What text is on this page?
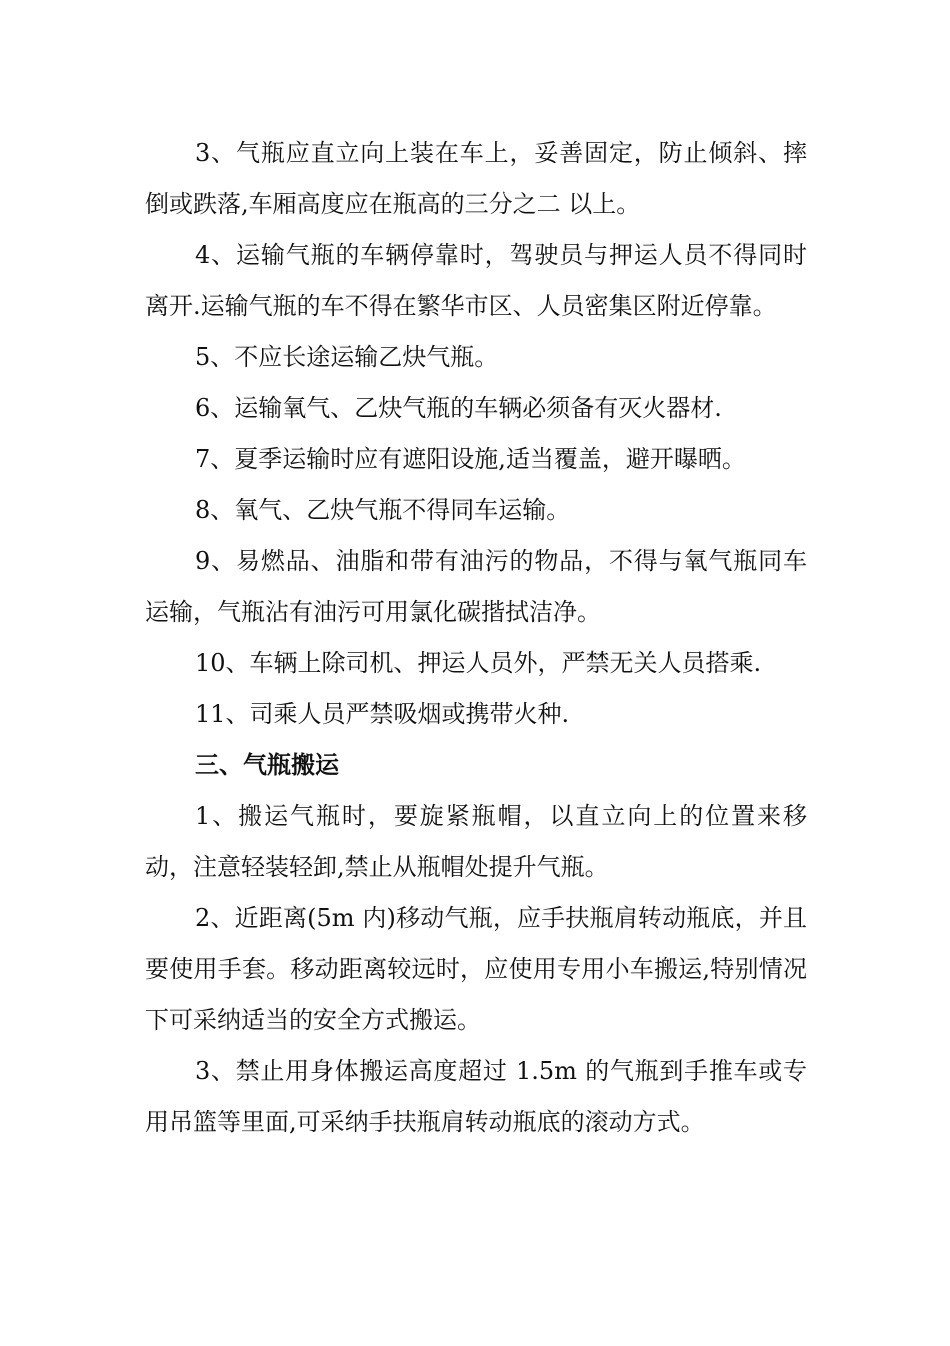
3、气瓶应直立向上装在车上，妥善固定，防止倾斜、摔倒或跌落,车厢高度应在瓶高的三分之二 以上。

4、运输气瓶的车辆停靠时，驾驶员与押运人员不得同时离开.运输气瓶的车不得在繁华市区、人员密集区附近停靠。

5、不应长途运输乙炔气瓶。

6、运输氧气、乙炔气瓶的车辆必须备有灭火器材.

7、夏季运输时应有遮阳设施,适当覆盖，避开曝晒。

8、氧气、乙炔气瓶不得同车运输。

9、易燃品、油脂和带有油污的物品，不得与氧气瓶同车运输，气瓶沾有油污可用氯化碳揩拭洁净。

10、车辆上除司机、押运人员外，严禁无关人员搭乘.

11、司乘人员严禁吸烟或携带火种.

三、气瓶搬运

1、搬运气瓶时，要旋紧瓶帽，以直立向上的位置来移动，注意轻装轻卸,禁止从瓶帽处提升气瓶。

2、近距离(5m 内)移动气瓶，应手扶瓶肩转动瓶底，并且要使用手套。移动距离较远时，应使用专用小车搬运,特别情况下可采纳适当的安全方式搬运。

3、禁止用身体搬运高度超过 1.5m 的气瓶到手推车或专用吊篮等里面,可采纳手扶瓶肩转动瓶底的滚动方式。
